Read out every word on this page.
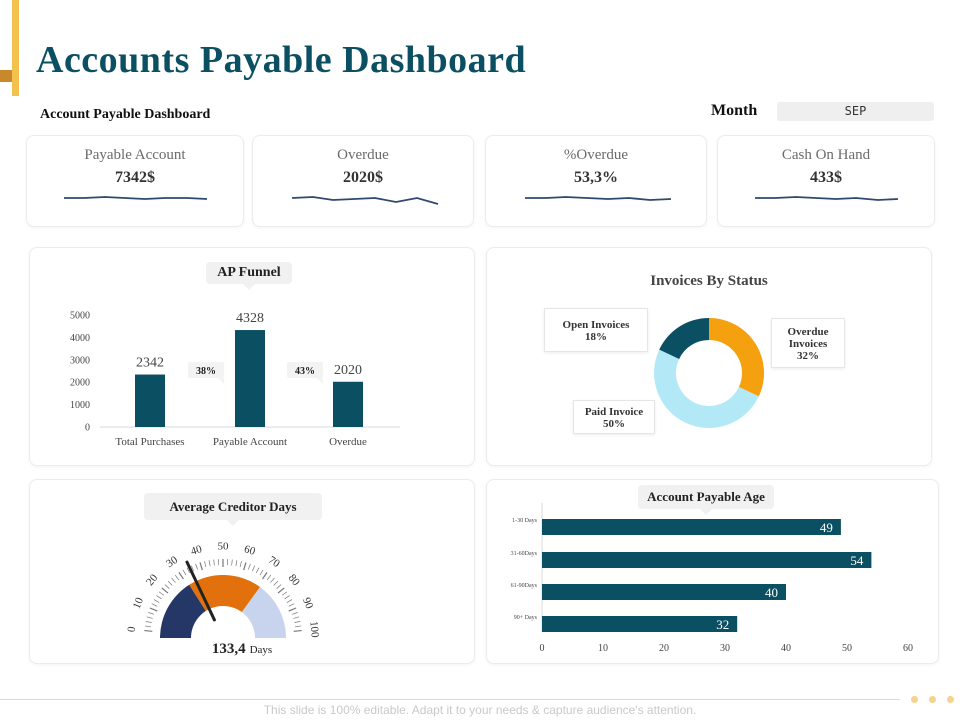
Accounts Payable Dashboard
Account Payable Dashboard	Month	SEP
Payable Account
7342$
Overdue
2020$
%Overdue
53,3%
Cash On Hand
433$
AP Funnel
0
1000
2000
3000
4000
5000
2342
Total Purchases
4328
Payable Account
2020
Overdue
38%	43%
Invoices By Status
Open Invoices
18%	Overdue
Invoices
32%
Paid Invoice
50%
Average Creditor Days
0
10
20
30
40 50 60
70
80
90
100
133,4 Days
Account Payable Age
49
1-30 Days
54
31-60Days
40
61-90Days
32
90+ Days
0	10	20	30	40	50	60
This slide is 100% editable. Adapt it to your needs & capture audience's attention.
